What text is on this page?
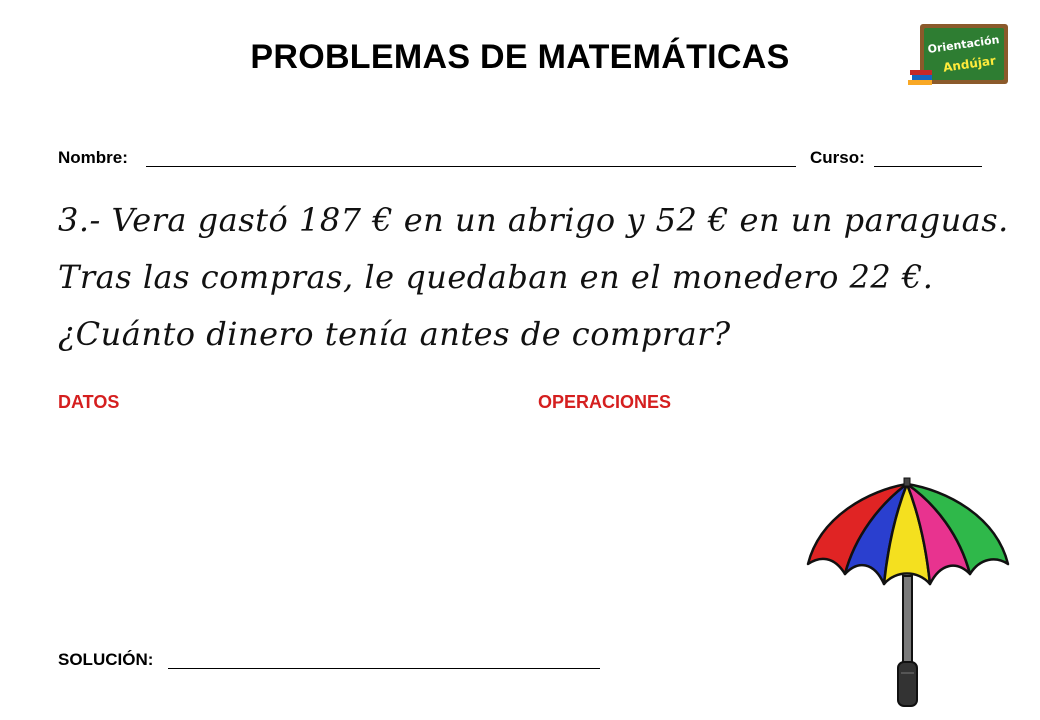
PROBLEMAS DE MATEMÁTICAS	Orientación
Andújar
Nombre:	Curso:
3.- Vera gastó 187 € en un abrigo y 52 € en un paraguas.
Tras las compras, le quedaban en el monedero 22 €.
¿Cuánto dinero tenía antes de comprar?
DATOS	OPERACIONES
SOLUCIÓN:
